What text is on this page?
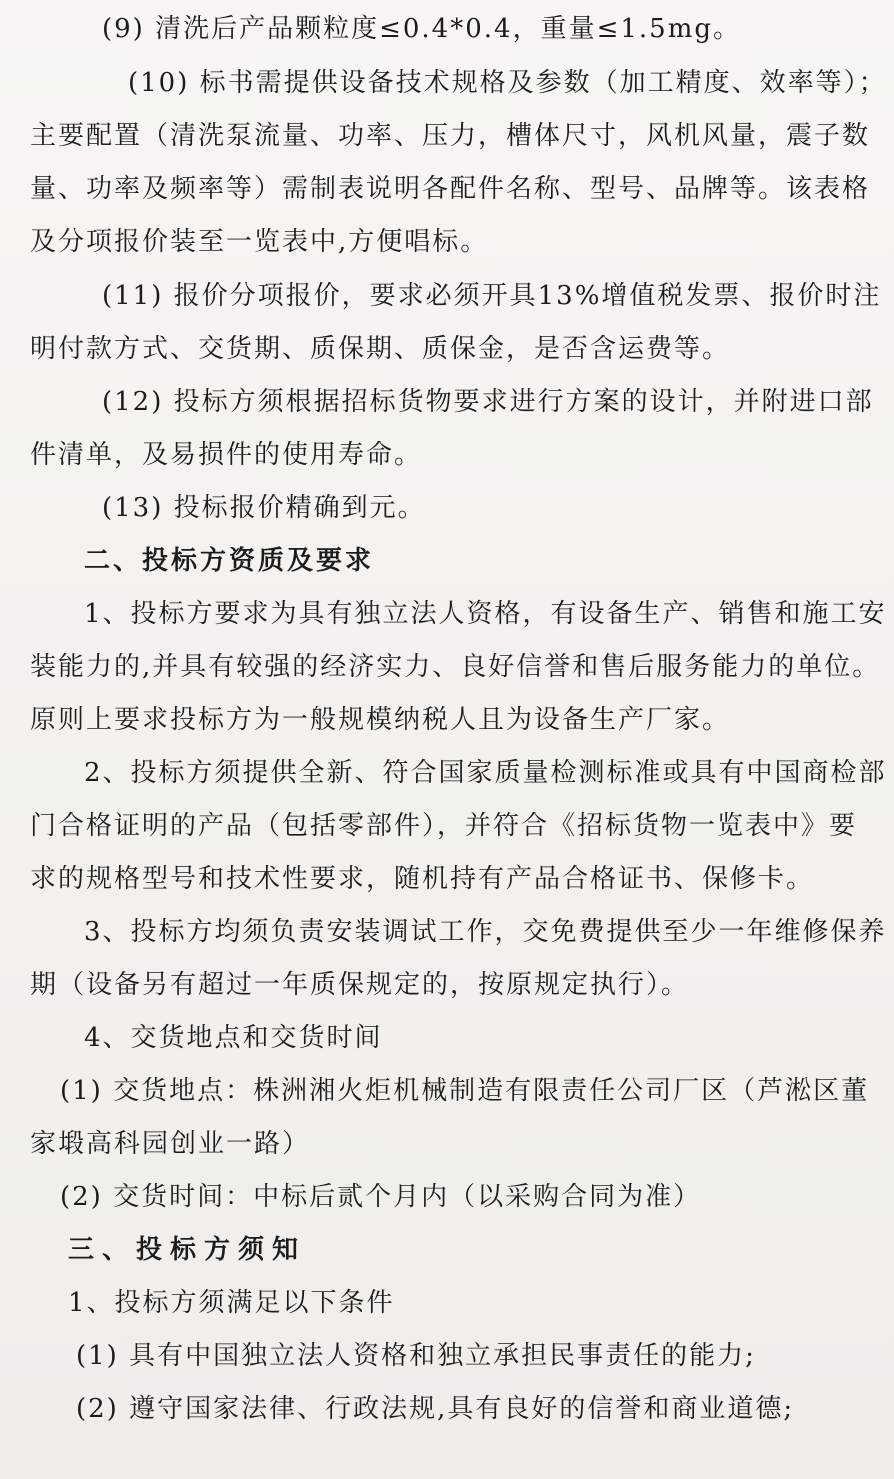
(9) 清洗后产品颗粒度≤0.4*0.4，重量≤1.5mg。
(10) 标书需提供设备技术规格及参数（加工精度、效率等）；
主要配置（清洗泵流量、功率、压力，槽体尺寸，风机风量，震子数
量、功率及频率等）需制表说明各配件名称、型号、品牌等。该表格
及分项报价装至一览表中,方便唱标。
(11) 报价分项报价，要求必须开具13%增值税发票、报价时注
明付款方式、交货期、质保期、质保金，是否含运费等。
(12) 投标方须根据招标货物要求进行方案的设计，并附进口部
件清单，及易损件的使用寿命。
(13) 投标报价精确到元。
二、投标方资质及要求
1、投标方要求为具有独立法人资格，有设备生产、销售和施工安
装能力的,并具有较强的经济实力、良好信誉和售后服务能力的单位。
原则上要求投标方为一般规模纳税人且为设备生产厂家。
2、投标方须提供全新、符合国家质量检测标准或具有中国商检部
门合格证明的产品（包括零部件），并符合《招标货物一览表中》要
求的规格型号和技术性要求，随机持有产品合格证书、保修卡。
3、投标方均须负责安装调试工作，交免费提供至少一年维修保养
期（设备另有超过一年质保规定的，按原规定执行）。
4、交货地点和交货时间
(1) 交货地点：株洲湘火炬机械制造有限责任公司厂区（芦淞区董
家塅高科园创业一路）
(2) 交货时间：中标后贰个月内（以采购合同为准）
三、投标方须知
1、投标方须满足以下条件
(1) 具有中国独立法人资格和独立承担民事责任的能力;
(2) 遵守国家法律、行政法规,具有良好的信誉和商业道德;
